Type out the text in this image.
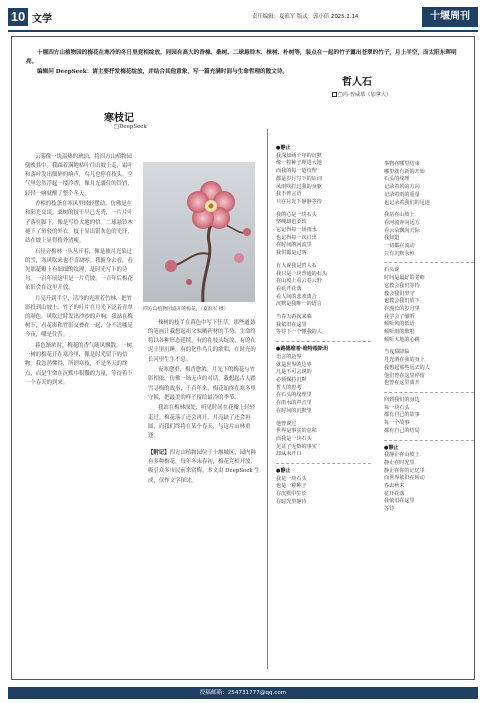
10 文学	责任编辑：夏淮军 版式：郭小倩 2025.2.14	十堰周刊

十堰四方山植物园的梅花在寒冷的冬日里竞相绽放，同园有高大的香樟、桑树、二球悬铃木、梾树、朴树等，装点在一起的竹子露出苍翠的竹子，月上半空，而太阳东晖明亮。

编辑问 DeepSeek：请主要抒发梅花绽放，并结合其他意象，写一篇充满时间与生命哲理的散文诗。

寒枝记
□DeepSeek

云雾像一块温热的琥珀，将四方山植物园倒映其中。我踩着满地枯叶往山坡上走，霜叶和落叶发出细碎的响声，鸟儿也停在枝头。空气里忽然浮起一缕冷香，像月光裹住的铃铛，轻轻一响就醒了整个冬天。

香樟的枝条在寒风里轻轻摆动，仿佛是在和阳光交谈。桑树的枝干早已光秃，一片片叶子落在脚下，像是写给大地的信。二球悬铃木褪下了斑驳的外衣，枝干显出银灰色的光泽，站在坡上显得格外清瘦。

石径旁梅林一丛丛开着，像是被月光染过的雪，寒风吹来也不肯凋零。我俯身去看，看见那花瓣上有细细的纹理，是时光写下的诗句。一百年前这里是一片荒坡，一百年后梅花依旧会在这里开放。

月亮升到半空，清冷的光照着竹林，把竹影投到山坡上。竹子的叶片在月光下泛着青翠的颜色，风吹过时发出沙沙的声响。我站在梅树下，看花影和竹影交叠在一起，分不清哪是今夜，哪是往昔。

暮色渐浓时，梅花的香气随风飘散。一树一树的梅花开在寒冷里，像是时光留下的信物。我忽然懂得，所谓寒枝，不是冬天的终点，而是生命在沉默中积攒的力量，等待着下一个春天的到来。

四方山植物园盛开的梅花。（夏淮军 摄）

梾树的枝丫在暮色中写下狂草，那些遒劲的笔画让我想起祖父晾晒药材的手势。生命终将以各种形态延续，有的在枝头绽放，有的在泥土里沉睡，有的化作鸟儿的歌唱，在时光的长河里生生不息。

夜寒愈重，梅香愈浓。月光下的梅花与竹影相依，仿佛一场无声的对话。我想起古人踏雪寻梅的故事，千百年来，梅花始终在寒冬里守候，把最美的样子留给最冷的季节。

我站在梅林深处，听见时间在花瓣上轻轻走过。梅花落了还会再开，月亮缺了还会再圆，而我们终将在某个春天，与这片山林重逢。

【附记】四方山植物园位于十堰城区，园内种有多种梅花，每年冬末春初，梅花竞相开放，吸引众多市民前来赏梅。本文由 DeepSeek 生成，仅作文学探讨。
哲人石
□玛·普威慕（加拿大）
●静止
我深知两千年的沉默
像一粒种子埋进大地
而我的每一道纹理
都是岁月写下的证词
风雨吹打过我的身躯
我不曾言语
只在月光下静静等待
我的心是一块石头
坚硬却也柔软
它记得每一场雨水
也记得每一次日出
在时间的河流里
我们都是过客
有人说我是哲人石
我只是一块普通的石头
在山坡上看云卷云舒
看花开花落
看人间的悲欢离合
沉默是我唯一的语言
当春天再次来临
我依旧在这里
等待下一个懂我的人
●路德维希·维特根斯坦
语言的边界
就是世界的边界
凡是不可言说的
必须保持沉默
哲人的思考
在石头的纹理里
在雨水的声音里
在时间的沉默里
他曾说过
世界是事实的总和
而我是一块石头
见证了无数的事实
却从未开口
●静止
我是一块石头
也是一粒种子
在沉默中生长
在时光里静待
事物在哪里结束
哪里就有新的开始
石头的纹理
记录着风的方向
记录着雨的重量
也记录着我们的足迹
我站在山坡上
看河流奔向远方
看云朵飘向天际
我知道
一切都在流动
只有沉默永恒
石头说
时间是最好的老师
它教会我们等待
教会我们坚守
也教会我们放下
在漫长的岁月里
我学会了倾听
倾听风的低语
倾听雨的歌唱
倾听大地的心跳
当夜幕降临
月光洒在我的身上
我想起那些远去的人
他们曾在这里停留
也曾在这里离开
回到我们的身边
每一块石头
都有自己的故事
每一个故事
都有自己的结局
●静止
我静止在山坡上
静止在时光里
静止在你的记忆里
而世界依旧在转动
春去秋来
花开花落
我依旧在这里
等待
投稿邮箱：254731777@qq.com
